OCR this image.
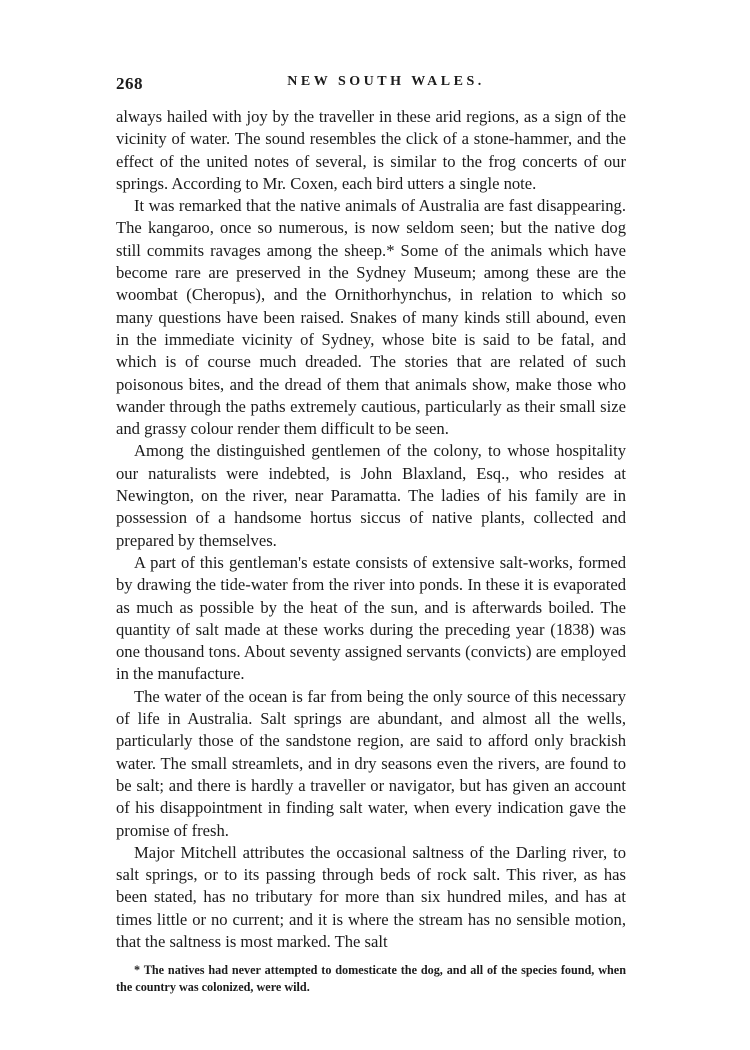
268	NEW SOUTH WALES.

always hailed with joy by the traveller in these arid regions, as a sign of the vicinity of water. The sound resembles the click of a stone-hammer, and the effect of the united notes of several, is similar to the frog concerts of our springs. According to Mr. Coxen, each bird utters a single note.

It was remarked that the native animals of Australia are fast disappearing. The kangaroo, once so numerous, is now seldom seen; but the native dog still commits ravages among the sheep.* Some of the animals which have become rare are preserved in the Sydney Museum; among these are the woombat (Cheropus), and the Ornithorhynchus, in relation to which so many questions have been raised. Snakes of many kinds still abound, even in the immediate vicinity of Sydney, whose bite is said to be fatal, and which is of course much dreaded. The stories that are related of such poisonous bites, and the dread of them that animals show, make those who wander through the paths extremely cautious, particularly as their small size and grassy colour render them difficult to be seen.

Among the distinguished gentlemen of the colony, to whose hospitality our naturalists were indebted, is John Blaxland, Esq., who resides at Newington, on the river, near Paramatta. The ladies of his family are in possession of a handsome hortus siccus of native plants, collected and prepared by themselves.

A part of this gentleman's estate consists of extensive salt-works, formed by drawing the tide-water from the river into ponds. In these it is evaporated as much as possible by the heat of the sun, and is afterwards boiled. The quantity of salt made at these works during the preceding year (1838) was one thousand tons. About seventy assigned servants (convicts) are employed in the manufacture.

The water of the ocean is far from being the only source of this necessary of life in Australia. Salt springs are abundant, and almost all the wells, particularly those of the sandstone region, are said to afford only brackish water. The small streamlets, and in dry seasons even the rivers, are found to be salt; and there is hardly a traveller or navigator, but has given an account of his disappointment in finding salt water, when every indication gave the promise of fresh.

Major Mitchell attributes the occasional saltness of the Darling river, to salt springs, or to its passing through beds of rock salt. This river, as has been stated, has no tributary for more than six hundred miles, and has at times little or no current; and it is where the stream has no sensible motion, that the saltness is most marked. The salt

* The natives had never attempted to domesticate the dog, and all of the species found, when the country was colonized, were wild.
